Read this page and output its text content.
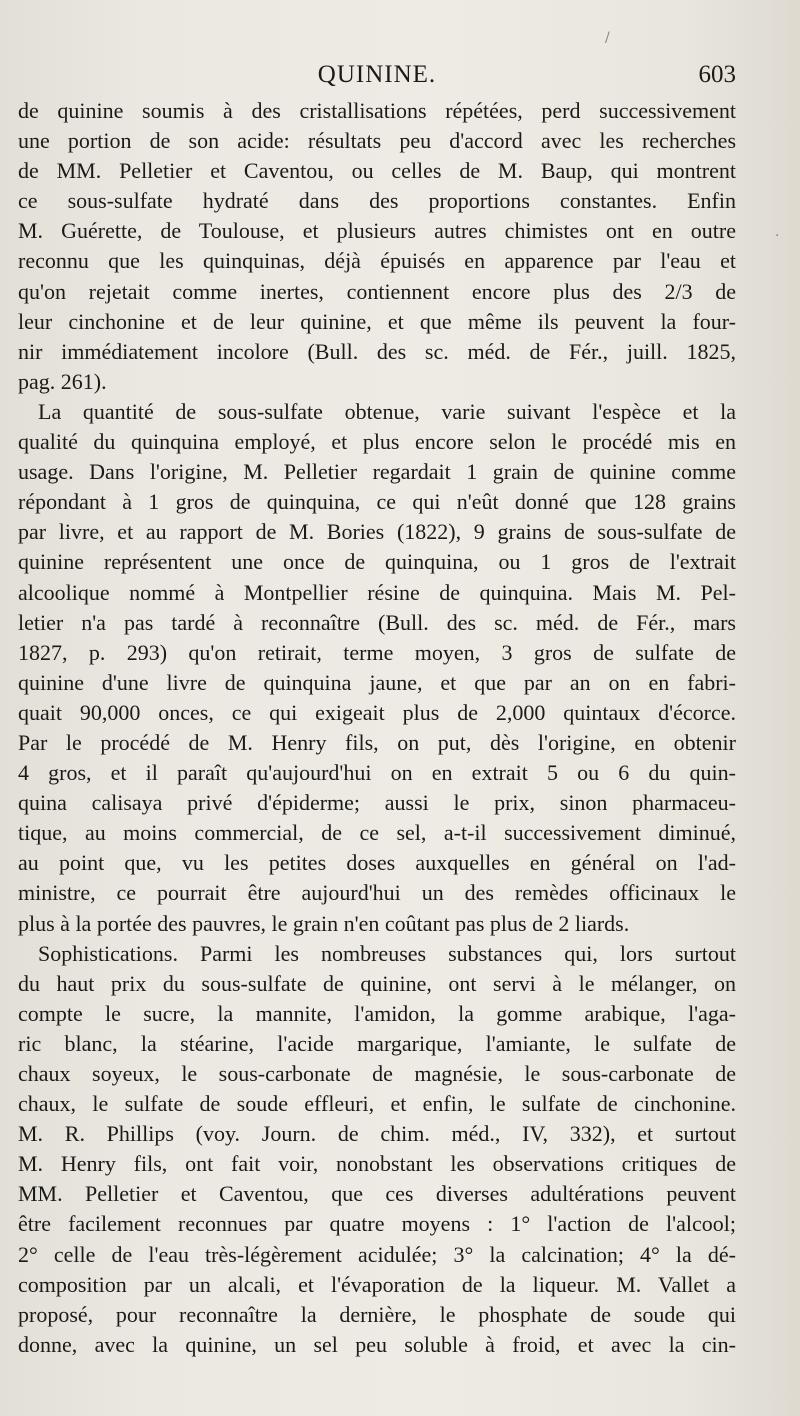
/
·
QUININE.	603
de quinine soumis à des cristallisations répétées, perd successivement
une portion de son acide: résultats peu d'accord avec les recherches
de MM. Pelletier et Caventou, ou celles de M. Baup, qui montrent
ce sous-sulfate hydraté dans des proportions constantes. Enfin
M. Guérette, de Toulouse, et plusieurs autres chimistes ont en outre
reconnu que les quinquinas, déjà épuisés en apparence par l'eau et
qu'on rejetait comme inertes, contiennent encore plus des 2/3 de
leur cinchonine et de leur quinine, et que même ils peuvent la four-
nir immédiatement incolore (Bull. des sc. méd. de Fér., juill. 1825,
pag. 261).
La quantité de sous-sulfate obtenue, varie suivant l'espèce et la
qualité du quinquina employé, et plus encore selon le procédé mis en
usage. Dans l'origine, M. Pelletier regardait 1 grain de quinine comme
répondant à 1 gros de quinquina, ce qui n'eût donné que 128 grains
par livre, et au rapport de M. Bories (1822), 9 grains de sous-sulfate de
quinine représentent une once de quinquina, ou 1 gros de l'extrait
alcoolique nommé à Montpellier résine de quinquina. Mais M. Pel-
letier n'a pas tardé à reconnaître (Bull. des sc. méd. de Fér., mars
1827, p. 293) qu'on retirait, terme moyen, 3 gros de sulfate de
quinine d'une livre de quinquina jaune, et que par an on en fabri-
quait 90,000 onces, ce qui exigeait plus de 2,000 quintaux d'écorce.
Par le procédé de M. Henry fils, on put, dès l'origine, en obtenir
4 gros, et il paraît qu'aujourd'hui on en extrait 5 ou 6 du quin-
quina calisaya privé d'épiderme; aussi le prix, sinon pharmaceu-
tique, au moins commercial, de ce sel, a-t-il successivement diminué,
au point que, vu les petites doses auxquelles en général on l'ad-
ministre, ce pourrait être aujourd'hui un des remèdes officinaux le
plus à la portée des pauvres, le grain n'en coûtant pas plus de 2 liards.
Sophistications. Parmi les nombreuses substances qui, lors surtout
du haut prix du sous-sulfate de quinine, ont servi à le mélanger, on
compte le sucre, la mannite, l'amidon, la gomme arabique, l'aga-
ric blanc, la stéarine, l'acide margarique, l'amiante, le sulfate de
chaux soyeux, le sous-carbonate de magnésie, le sous-carbonate de
chaux, le sulfate de soude effleuri, et enfin, le sulfate de cinchonine.
M. R. Phillips (voy. Journ. de chim. méd., IV, 332), et surtout
M. Henry fils, ont fait voir, nonobstant les observations critiques de
MM. Pelletier et Caventou, que ces diverses adultérations peuvent
être facilement reconnues par quatre moyens : 1° l'action de l'alcool;
2° celle de l'eau très-légèrement acidulée; 3° la calcination; 4° la dé-
composition par un alcali, et l'évaporation de la liqueur. M. Vallet a
proposé, pour reconnaître la dernière, le phosphate de soude qui
donne, avec la quinine, un sel peu soluble à froid, et avec la cin-
